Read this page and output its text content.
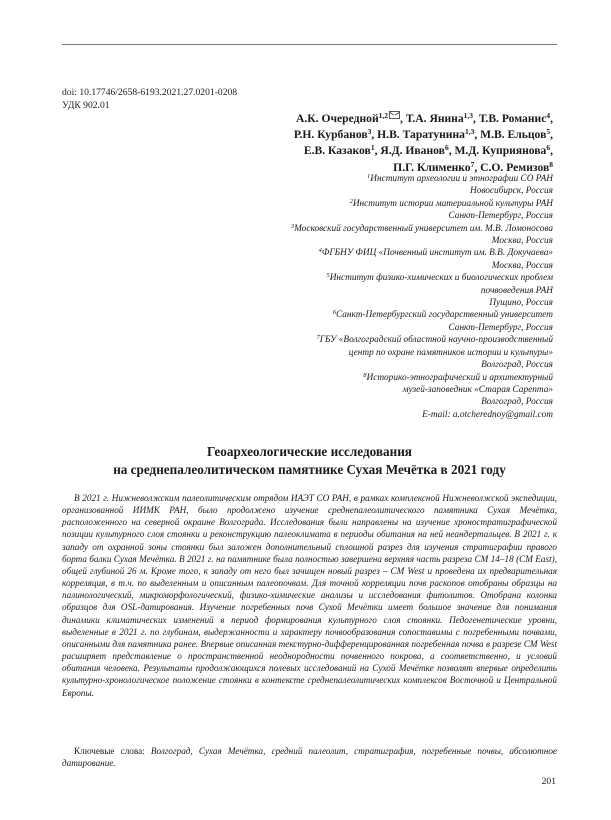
doi: 10.17746/2658-6193.2021.27.0201-0208
УДК 902.01
А.К. Очередной$^{1,2}$ , Т.А. Янина$^{1,3}$, Т.В. Романис$^4$,
Р.Н. Курбанов$^3$, Н.В. Таратунина$^{1,3}$, М.В. Ельцов$^5$,
Е.В. Казаков$^1$, Я.Д. Иванов$^6$, М.Д. Куприянова$^6$,
П.Г. Клименко$^7$, С.О. Ремизов$^8$
$^1$Институт археологии и этнографии СО РАН
Новосибирск, Россия
$^2$Институт истории материальной культуры РАН
Санкт-Петербург, Россия
$^3$Московский государственный университет им. М.В. Ломоносова
Москва, Россия
$^4$ФГБНУ ФИЦ «Почвенный институт им. В.В. Докучаева»
Москва, Россия
$^5$Институт физико-химических и биологических проблем
почвоведения РАН
Пущино, Россия
$^6$Санкт-Петербургский государственный университет
Санкт-Петербург, Россия
$^7$ГБУ «Волгоградский областной научно-производственный
центр по охране памятников истории и культуры»
Волгоград, Россия
$^8$Историко-этнографический и архитектурный
музей-заповедник «Старая Сарепта»
Волгоград, Россия
E-mail: a.otcherednoy@gmail.com
Геоархеологические исследования
на среднепалеолитическом памятнике Сухая Мечётка в 2021 году

В 2021 г. Нижневолжским палеолитическим отрядом ИАЭТ СО РАН, в рамках комплексной Нижневолжской экспедиции, организованной ИИМК РАН, было продолжено изучение среднепалеолитического памятника Сухая Мечётка, расположенного на северной окраине Волгограда. Исследования были направлены на изучение хроностратиграфической позиции культурного слоя стоянки и реконструкцию палеоклимата в периоды обитания на ней неандертальцев. В 2021 г. к западу от охранной зоны стоянки был заложен дополнительный сплошной разрез для изучения стратиграфии правого борта балки Сухая Мечётка. В 2021 г. на памятнике была полностью завершена верхняя часть разреза СМ 14–18 (СМ East), общей глубиной 26 м. Кроме того, к западу от него был зачищен новый разрез – СМ West и проведена их предварительная корреляция, в т.ч. по выделенным и описанным палеопочвам. Для точной корреляции почв раскопов отобраны образцы на палинологический, микроморфологический, физико-химические анализы и исследования фитолитов. Отобрана колонка образцов для OSL-датирования. Изучение погребенных почв Сухой Мечётки имеет большое значение для понимания динамики климатических изменений в период формирования культурного слоя стоянки. Педогенетические уровни, выделенные в 2021 г. по глубинам, выдержанности и характеру почвообразования сопоставимы с погребенными почвами, описанными для памятника ранее. Впервые описанная текстурно-дифференцированная погребенная почва в разрезе СМ West расширяет представление о пространственной неоднородности почвенного покрова, а соответственно, и условий обитания человека. Результаты продолжающихся полевых исследований на Сухой Мечётке позволят впервые определить культурно-хронологическое положение стоянки в контексте среднепалеолитических комплексов Восточной и Центральной Европы.

Ключевые слова: Волгоград, Сухая Мечётка, средний палеолит, стратиграфия, погребенные почвы, абсолютное датирование.

201
